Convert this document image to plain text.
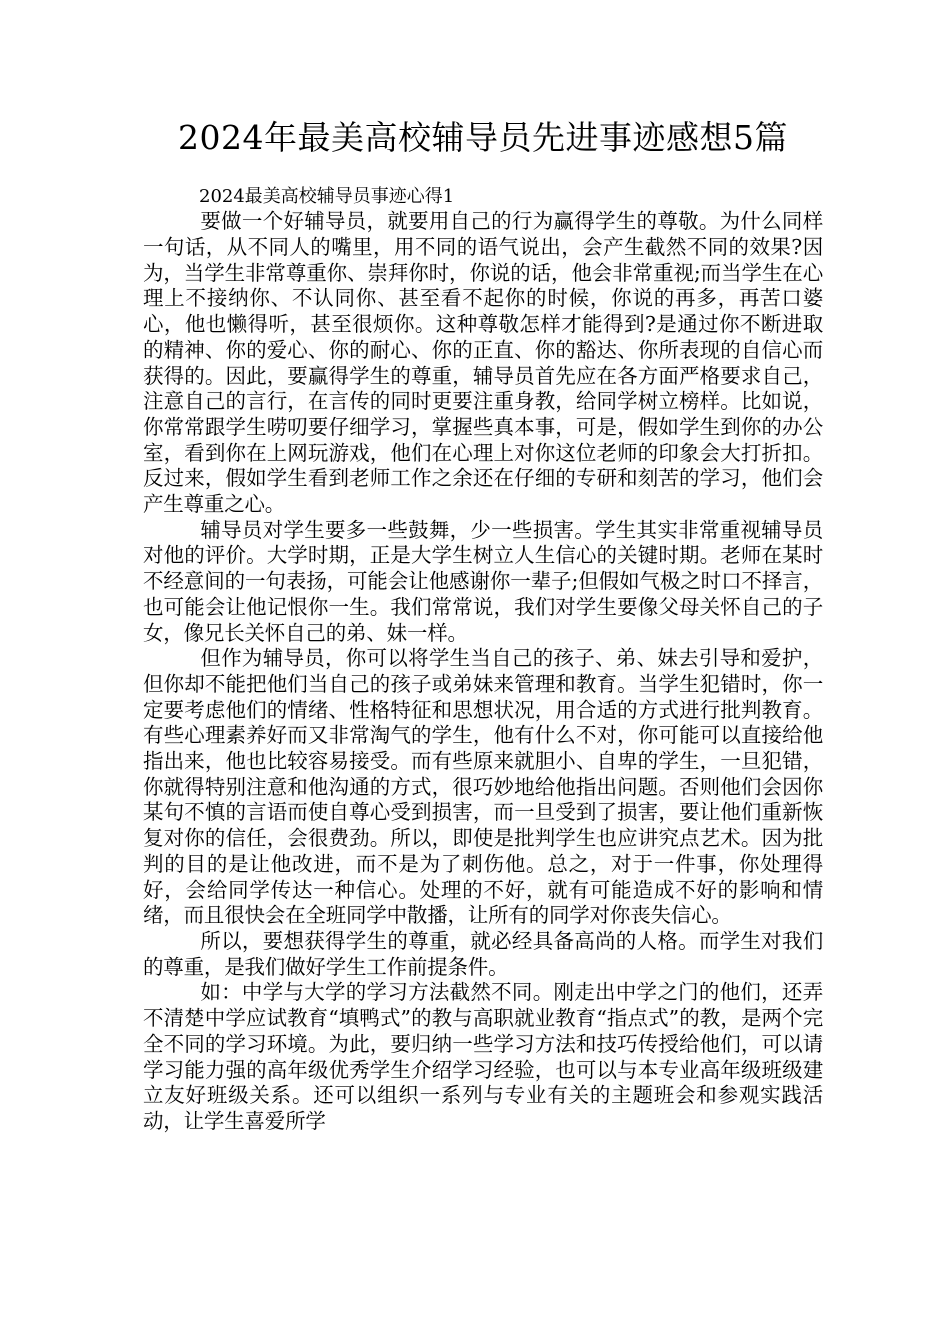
2024年最美高校辅导员先进事迹感想5篇

2024最美高校辅导员事迹心得1

要做一个好辅导员，就要用自己的行为赢得学生的尊敬。为什么同样一句话，从不同人的嘴里，用不同的语气说出，会产生截然不同的效果?因为，当学生非常尊重你、崇拜你时，你说的话，他会非常重视;而当学生在心理上不接纳你、不认同你、甚至看不起你的时候，你说的再多，再苦口婆心，他也懒得听，甚至很烦你。这种尊敬怎样才能得到?是通过你不断进取的精神、你的爱心、你的耐心、你的正直、你的豁达、你所表现的自信心而获得的。因此，要赢得学生的尊重，辅导员首先应在各方面严格要求自己，注意自己的言行，在言传的同时更要注重身教，给同学树立榜样。比如说，你常常跟学生唠叨要仔细学习，掌握些真本事，可是，假如学生到你的办公室，看到你在上网玩游戏，他们在心理上对你这位老师的印象会大打折扣。反过来，假如学生看到老师工作之余还在仔细的专研和刻苦的学习，他们会产生尊重之心。

辅导员对学生要多一些鼓舞，少一些损害。学生其实非常重视辅导员对他的评价。大学时期，正是大学生树立人生信心的关键时期。老师在某时不经意间的一句表扬，可能会让他感谢你一辈子;但假如气极之时口不择言，也可能会让他记恨你一生。我们常常说，我们对学生要像父母关怀自己的子女，像兄长关怀自己的弟、妹一样。

但作为辅导员，你可以将学生当自己的孩子、弟、妹去引导和爱护，但你却不能把他们当自己的孩子或弟妹来管理和教育。当学生犯错时，你一定要考虑他们的情绪、性格特征和思想状况，用合适的方式进行批判教育。有些心理素养好而又非常淘气的学生，他有什么不对，你可能可以直接给他指出来，他也比较容易接受。而有些原来就胆小、自卑的学生，一旦犯错，你就得特别注意和他沟通的方式，很巧妙地给他指出问题。否则他们会因你某句不慎的言语而使自尊心受到损害，而一旦受到了损害，要让他们重新恢复对你的信任，会很费劲。所以，即使是批判学生也应讲究点艺术。因为批判的目的是让他改进，而不是为了刺伤他。总之，对于一件事，你处理得好，会给同学传达一种信心。处理的不好，就有可能造成不好的影响和情绪，而且很快会在全班同学中散播，让所有的同学对你丧失信心。

所以，要想获得学生的尊重，就必经具备高尚的人格。而学生对我们的尊重，是我们做好学生工作前提条件。

如：中学与大学的学习方法截然不同。刚走出中学之门的他们，还弄不清楚中学应试教育“填鸭式”的教与高职就业教育“指点式”的教，是两个完全不同的学习环境。为此，要归纳一些学习方法和技巧传授给他们，可以请学习能力强的高年级优秀学生介绍学习经验，也可以与本专业高年级班级建立友好班级关系。还可以组织一系列与专业有关的主题班会和参观实践活动，让学生喜爱所学
